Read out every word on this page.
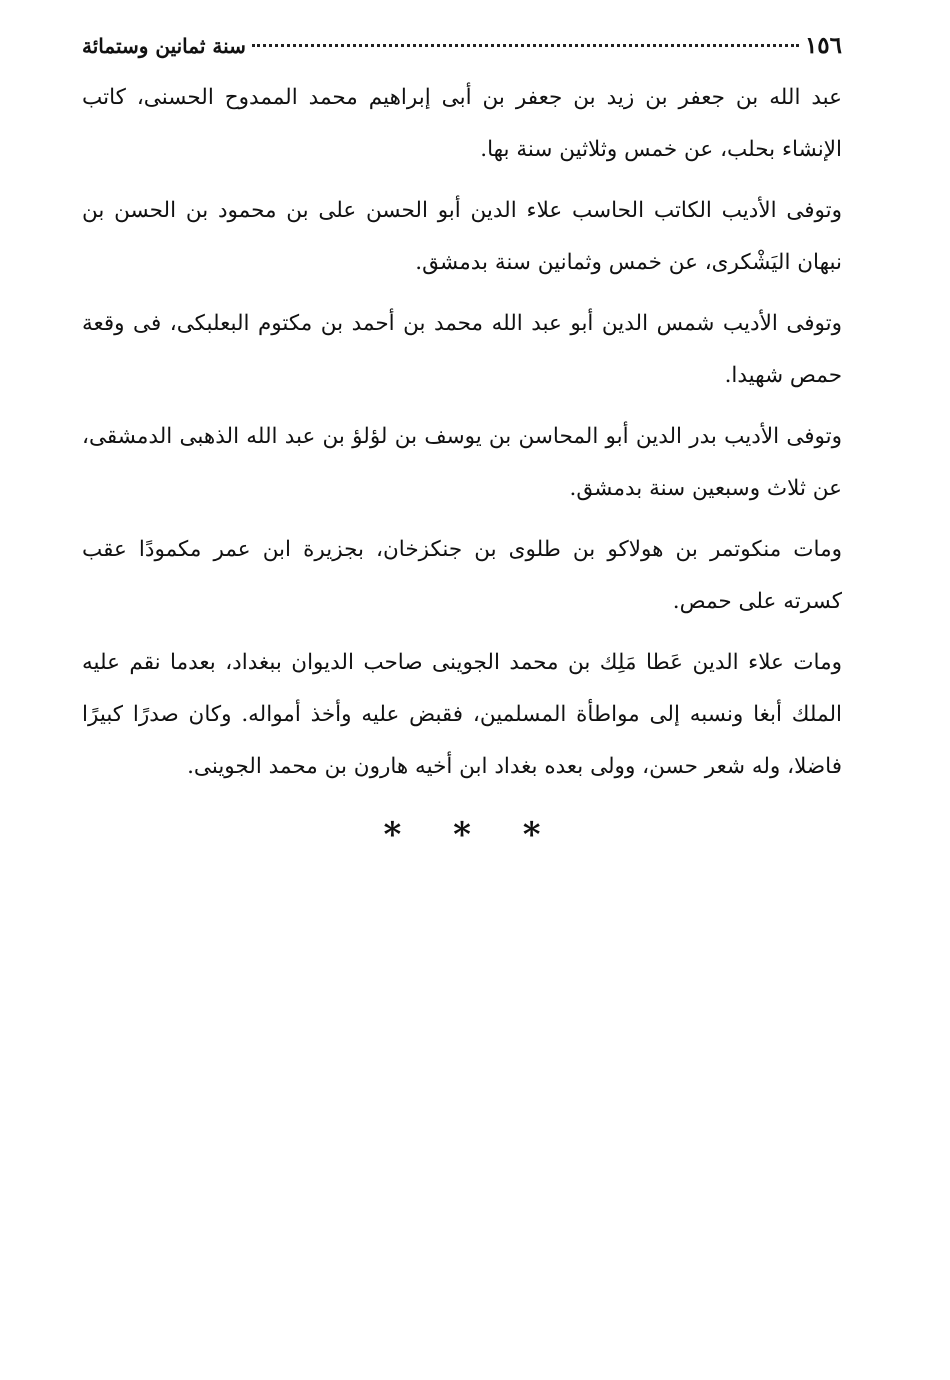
١٥٦
سنة ثمانين وستمائة

عبد الله بن جعفر بن زيد بن جعفر بن أبى إبراهيم محمد الممدوح الحسنى، كاتب الإنشاء بحلب، عن خمس وثلاثين سنة بها.

وتوفى الأديب الكاتب الحاسب علاء الدين أبو الحسن على بن محمود بن الحسن بن نبهان اليَشْكرى، عن خمس وثمانين سنة بدمشق.

وتوفى الأديب شمس الدين أبو عبد الله محمد بن أحمد بن مكتوم البعلبكى، فى وقعة حمص شهيدا.

وتوفى الأديب بدر الدين أبو المحاسن بن يوسف بن لؤلؤ بن عبد الله الذهبى الدمشقى، عن ثلاث وسبعين سنة بدمشق.

ومات منكوتمر بن هولاكو بن طلوى بن جنكزخان، بجزيرة ابن عمر مكمودًا عقب كسرته على حمص.

ومات علاء الدين عَطا مَلِك بن محمد الجوينى صاحب الديوان ببغداد، بعدما نقم عليه الملك أبغا ونسبه إلى مواطأة المسلمين، فقبض عليه وأخذ أمواله. وكان صدرًا كبيرًا فاضلا، وله شعر حسن، وولى بعده بغداد ابن أخيه هارون بن محمد الجوينى.

* * *
